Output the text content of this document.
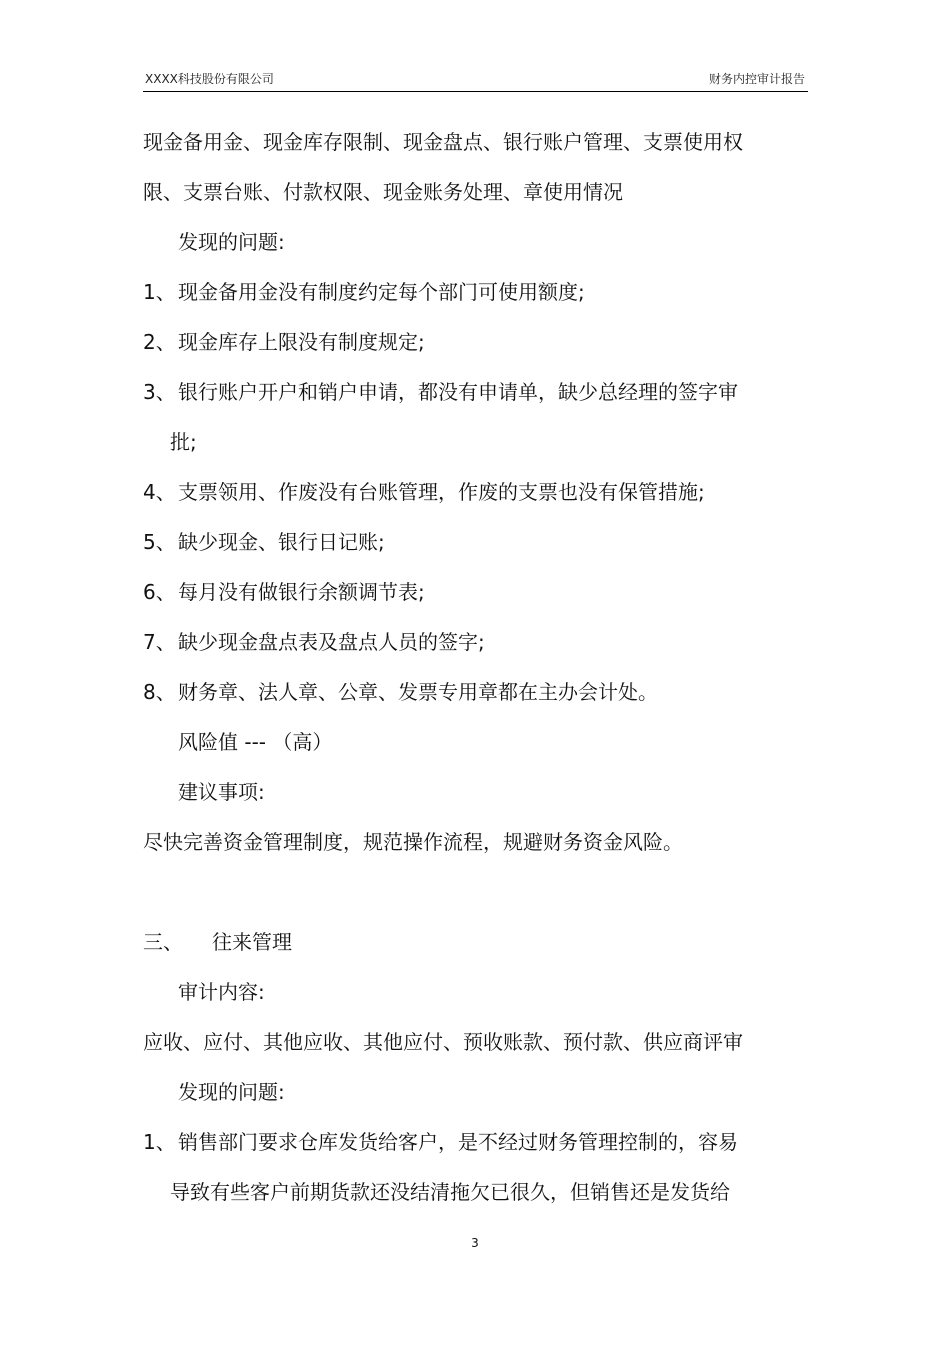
XXXX科技股份有限公司	财务内控审计报告
现金备用金、现金库存限制、现金盘点、银行账户管理、支票使用权
限、支票台账、付款权限、现金账务处理、章使用情况
发现的问题:
1、 现金备用金没有制度约定每个部门可使用额度;
2、 现金库存上限没有制度规定;
3、 银行账户开户和销户申请，都没有申请单，缺少总经理的签字审
批;
4、 支票领用、作废没有台账管理，作废的支票也没有保管措施;
5、 缺少现金、银行日记账;
6、 每月没有做银行余额调节表;
7、 缺少现金盘点表及盘点人员的签字;
8、 财务章、法人章、公章、发票专用章都在主办会计处。
风险值 --- （高）
建议事项:
尽快完善资金管理制度，规范操作流程，规避财务资金风险。
三、 往来管理
审计内容:
应收、应付、其他应收、其他应付、预收账款、预付款、供应商评审
发现的问题:
1、 销售部门要求仓库发货给客户，是不经过财务管理控制的，容易
导致有些客户前期货款还没结清拖欠已很久，但销售还是发货给
3
